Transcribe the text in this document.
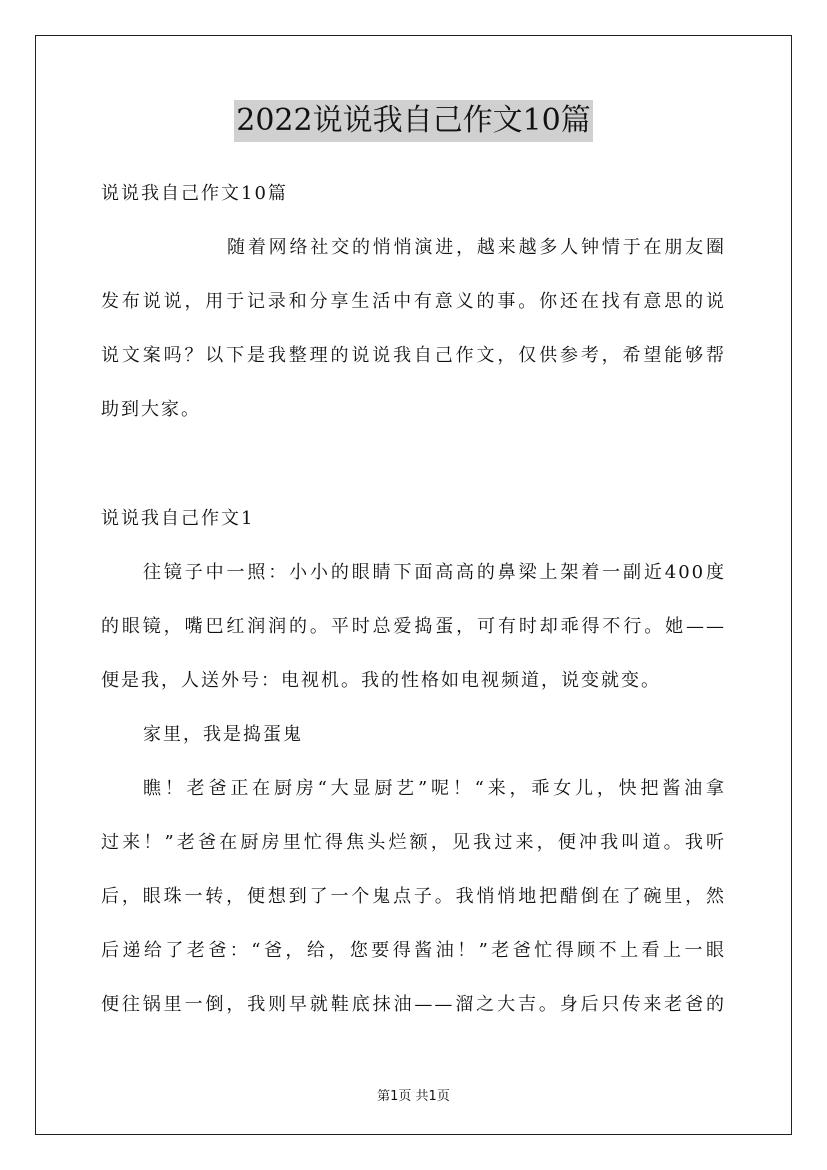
2022说说我自己作文10篇
说说我自己作文10篇
随着网络社交的悄悄演进，越来越多人钟情于在朋友圈
发布说说，用于记录和分享生活中有意义的事。你还在找有意思的说
说文案吗？以下是我整理的说说我自己作文，仅供参考，希望能够帮
助到大家。
说说我自己作文1
往镜子中一照：小小的眼睛下面高高的鼻梁上架着一副近400度
的眼镜，嘴巴红润润的。平时总爱捣蛋，可有时却乖得不行。她——
便是我，人送外号：电视机。我的性格如电视频道，说变就变。
家里，我是捣蛋鬼
瞧！老爸正在厨房“大显厨艺”呢！“来，乖女儿，快把酱油拿
过来！”老爸在厨房里忙得焦头烂额，见我过来，便冲我叫道。我听
后，眼珠一转，便想到了一个鬼点子。我悄悄地把醋倒在了碗里，然
后递给了老爸：“爸，给，您要得酱油！”老爸忙得顾不上看上一眼
便往锅里一倒，我则早就鞋底抹油——溜之大吉。身后只传来老爸的
第1页 共1页
